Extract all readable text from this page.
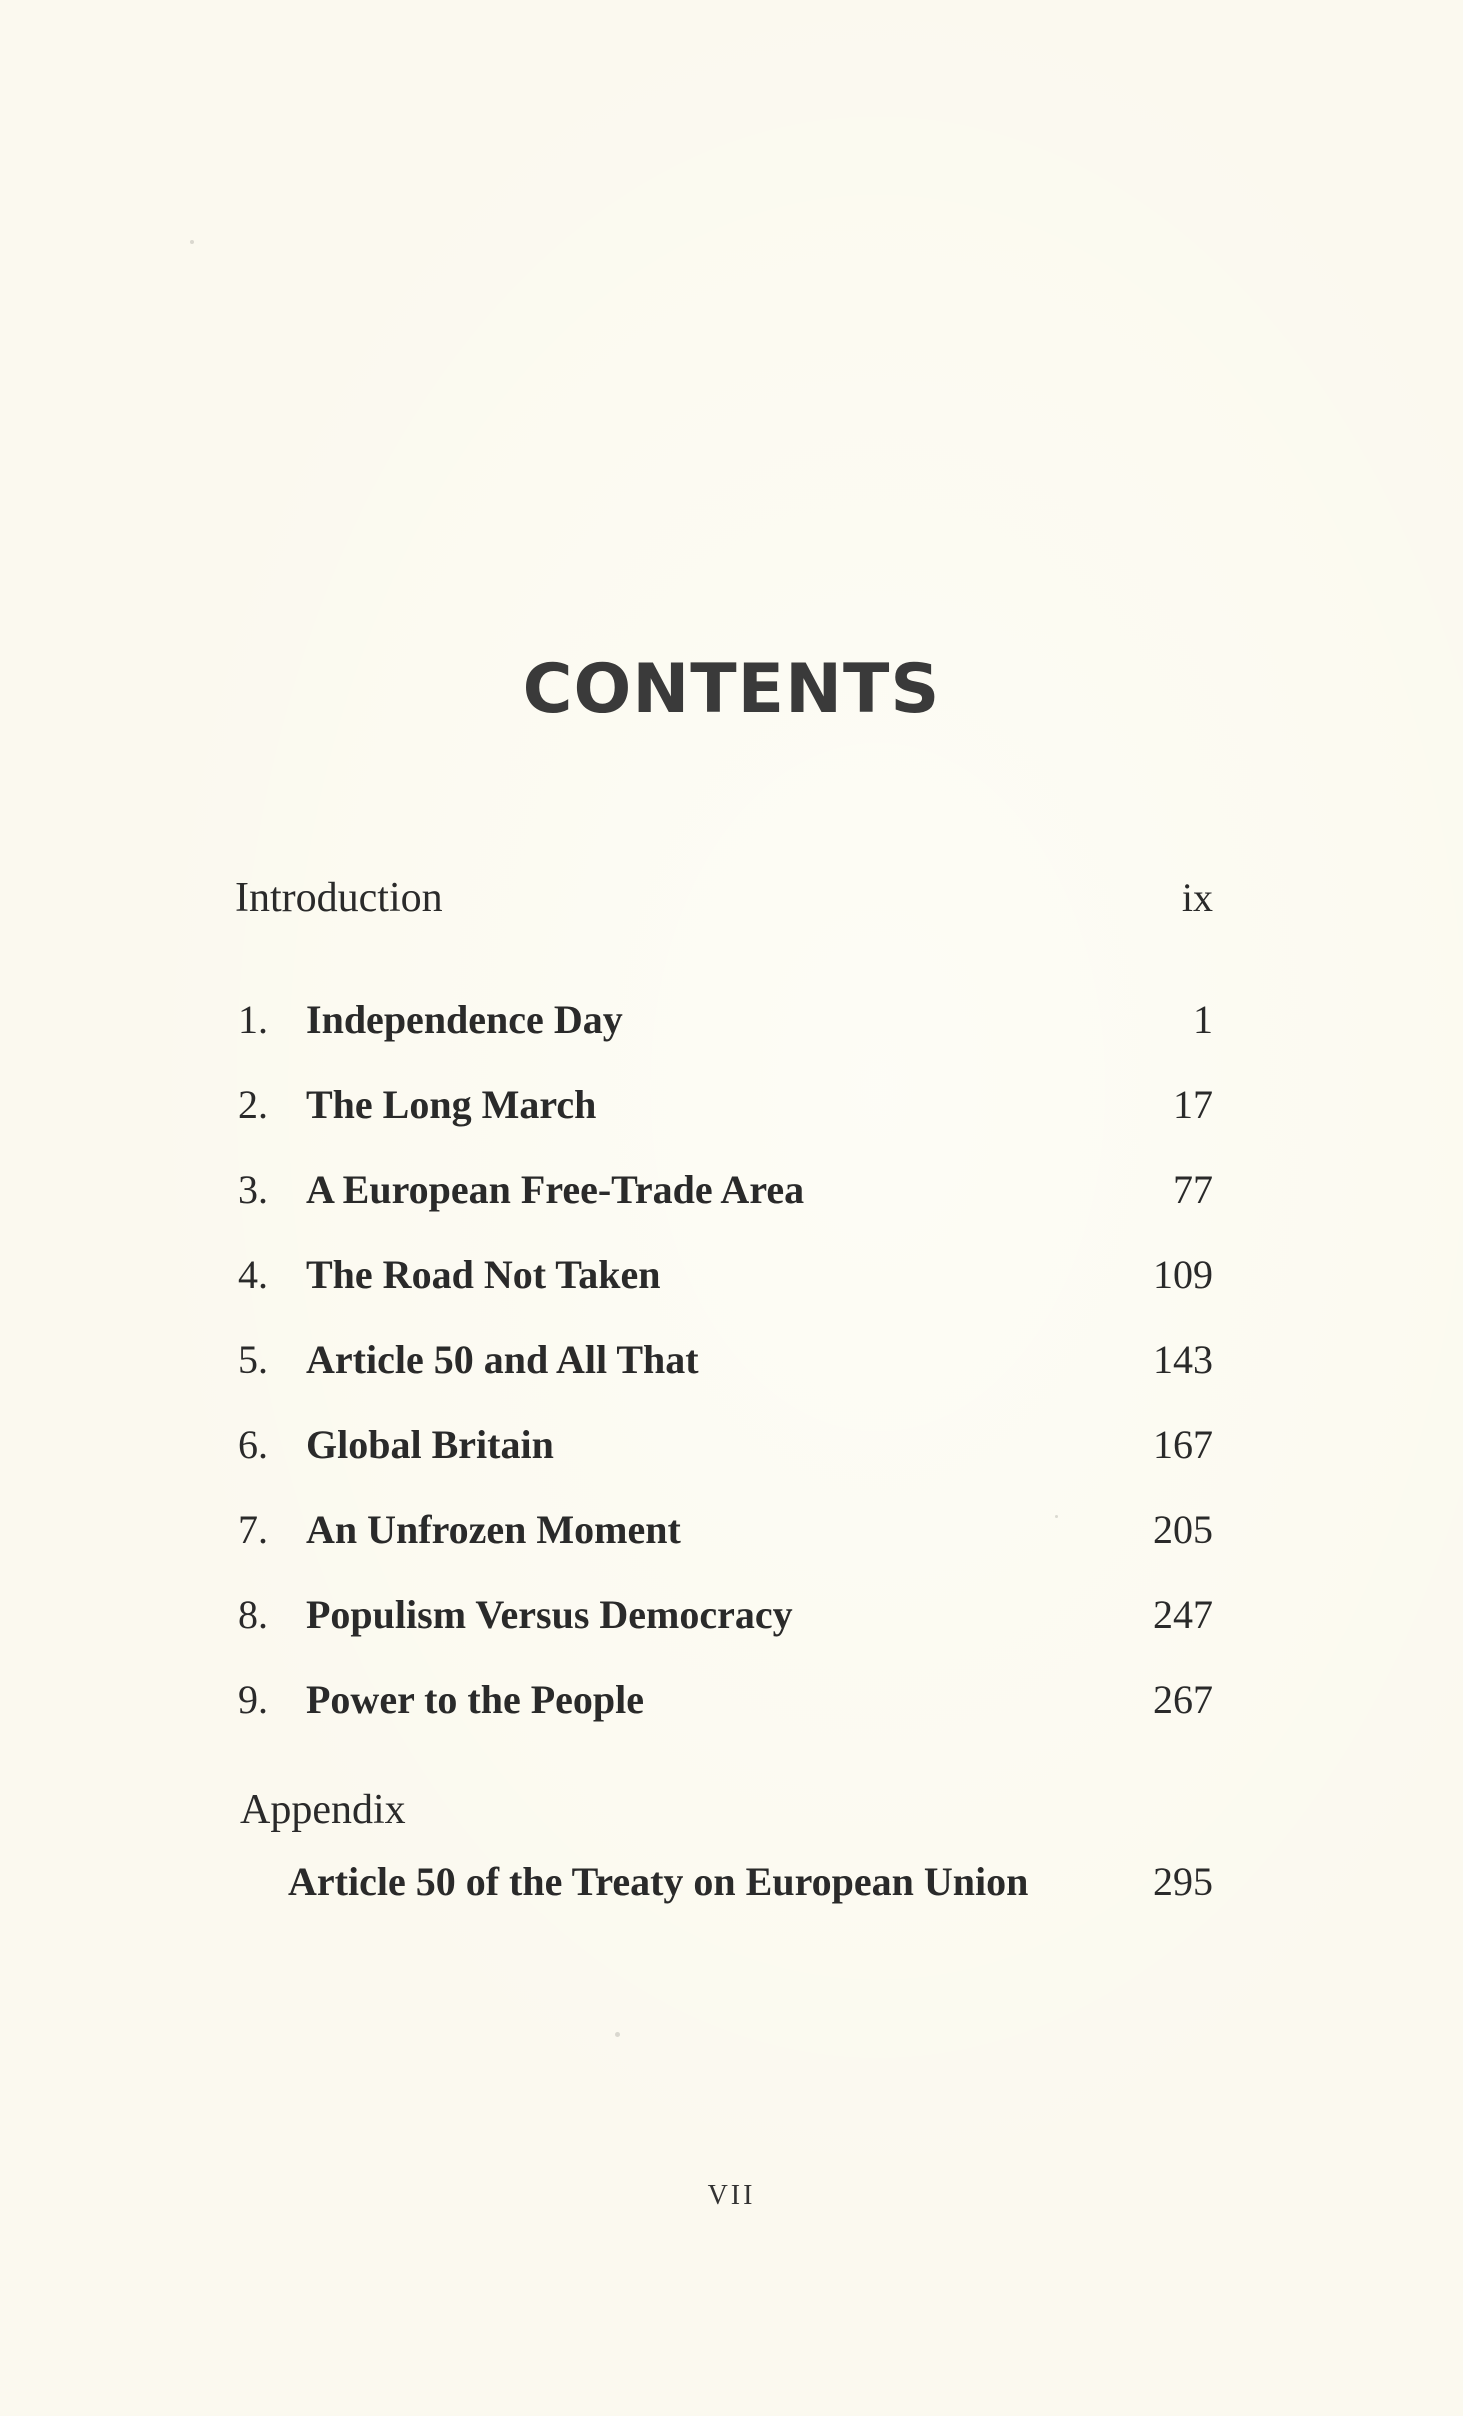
CONTENTS
Introduction	ix
1. Independence Day	1
2. The Long March	17
3. A European Free-Trade Area	77
4. The Road Not Taken	109
5. Article 50 and All That	143
6. Global Britain	167
7. An Unfrozen Moment	205
8. Populism Versus Democracy	247
9. Power to the People	267
Appendix
Article 50 of the Treaty on European Union	295
VII
